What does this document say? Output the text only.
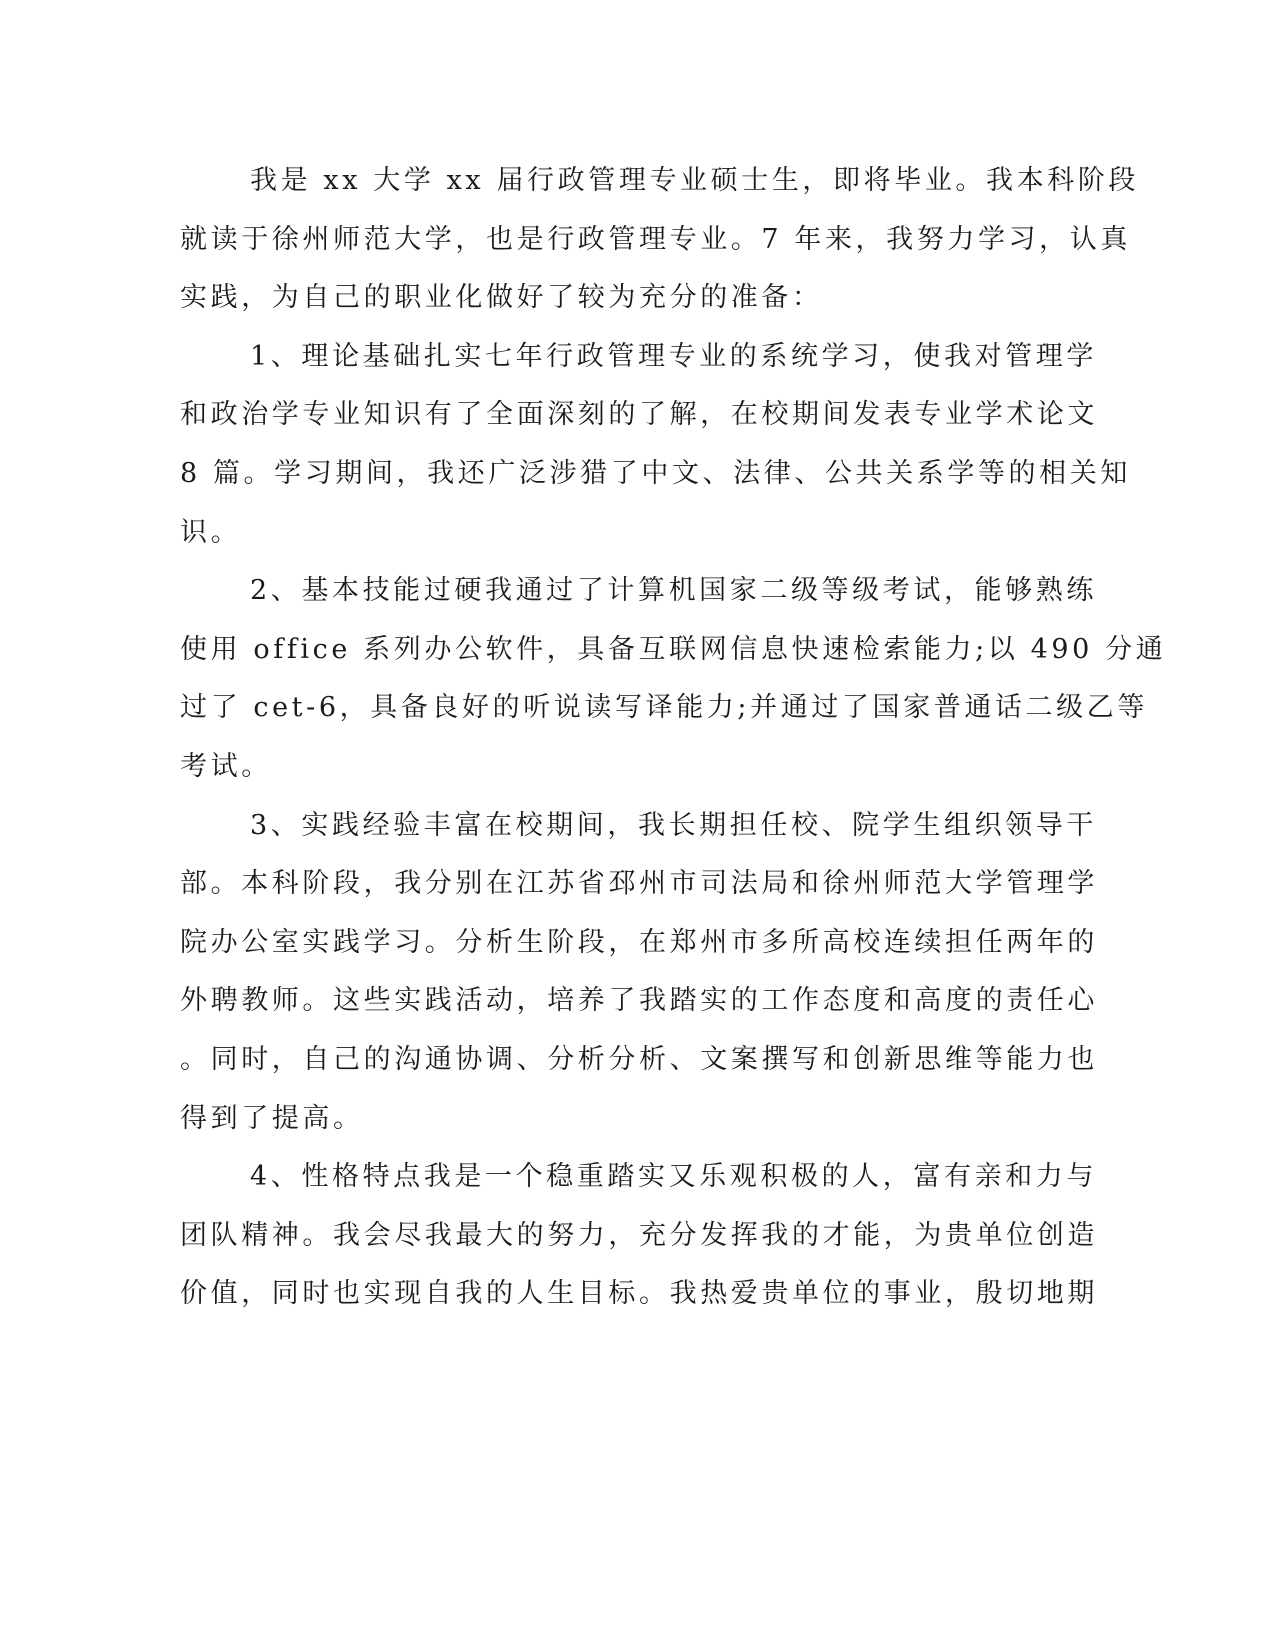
我是 xx 大学 xx 届行政管理专业硕士生，即将毕业。我本科阶段
就读于徐州师范大学，也是行政管理专业。7 年来，我努力学习，认真
实践，为自己的职业化做好了较为充分的准备：
1、理论基础扎实七年行政管理专业的系统学习，使我对管理学
和政治学专业知识有了全面深刻的了解，在校期间发表专业学术论文
8 篇。学习期间，我还广泛涉猎了中文、法律、公共关系学等的相关知
识。
2、基本技能过硬我通过了计算机国家二级等级考试，能够熟练
使用 office 系列办公软件，具备互联网信息快速检索能力;以 490 分通
过了 cet-6，具备良好的听说读写译能力;并通过了国家普通话二级乙等
考试。
3、实践经验丰富在校期间，我长期担任校、院学生组织领导干
部。本科阶段，我分别在江苏省邳州市司法局和徐州师范大学管理学
院办公室实践学习。分析生阶段，在郑州市多所高校连续担任两年的
外聘教师。这些实践活动，培养了我踏实的工作态度和高度的责任心
。同时，自己的沟通协调、分析分析、文案撰写和创新思维等能力也
得到了提高。
4、性格特点我是一个稳重踏实又乐观积极的人，富有亲和力与
团队精神。我会尽我最大的努力，充分发挥我的才能，为贵单位创造
价值，同时也实现自我的人生目标。我热爱贵单位的事业，殷切地期
